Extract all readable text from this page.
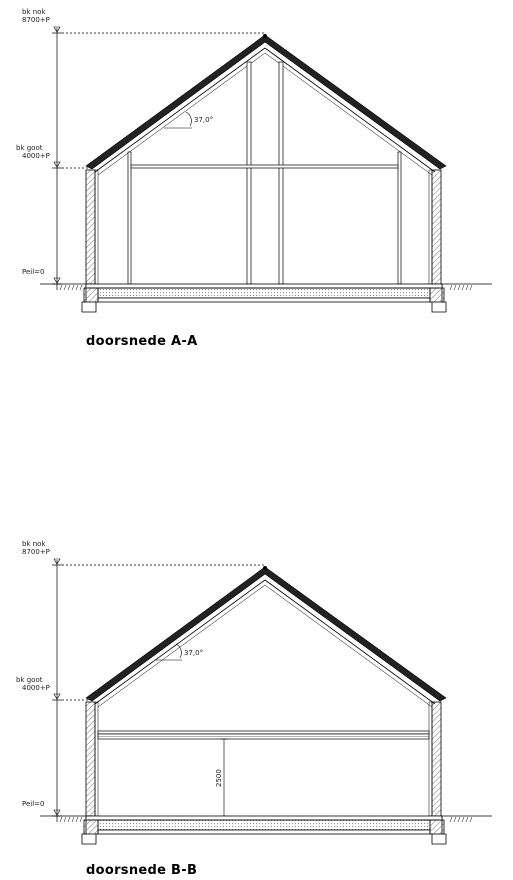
bk nok
8700+P
bk goot
4000+P
Peil=0
37,0°
doorsnede A-A
bk nok
8700+P
bk goot
4000+P
Peil=0
37,0°
2500
doorsnede B-B
